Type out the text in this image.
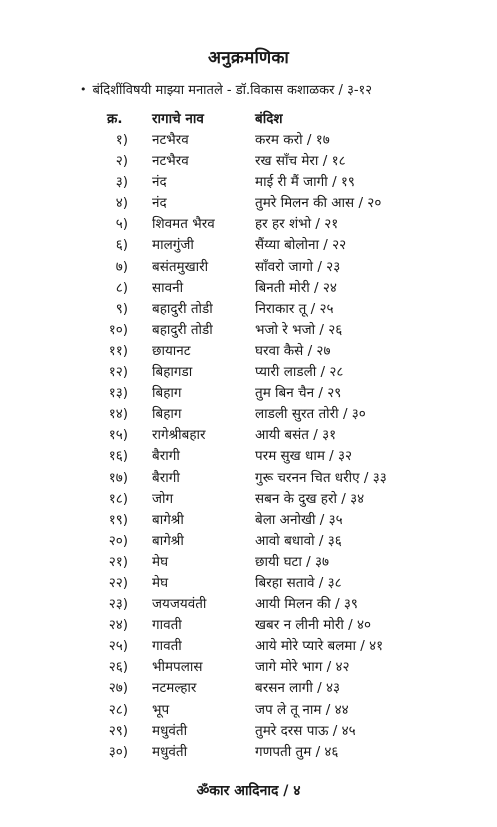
अनुक्रमणिका
• बंदिशींविषयी माझ्या मनातले - डॉ.विकास कशाळकर / ३-१२
क्र. रागाचे नाव	बंदिश
१) नटभैरव	करम करो / १७
२) नटभैरव	रख सॉंच मेरा / १८
३) नंद	माई री मैं जागी / १९
४) नंद	तुमरे मिलन की आस / २०
५) शिवमत भैरव	हर हर शंभो / २१
६) मालगुंजी	सैंय्या बोलोना / २२
७) बसंतमुखारी	सॉंवरो जागो / २३
८) सावनी	बिनती मोरी / २४
९) बहादुरी तोडी	निराकार तू / २५
१०) बहादुरी तोडी	भजो रे भजो / २६
११) छायानट	घरवा कैसे / २७
१२) बिहागडा	प्यारी लाडली / २८
१३) बिहाग	तुम बिन चैन / २९
१४) बिहाग	लाडली सुरत तोरी / ३०
१५) रागेश्रीबहार	आयी बसंत / ३१
१६) बैरागी	परम सुख धाम / ३२
१७) बैरागी	गुरू चरनन चित धरीए / ३३
१८) जोग	सबन के दुख हरो / ३४
१९) बागेश्री	बेला अनोखी / ३५
२०) बागेश्री	आवो बधावो / ३६
२१) मेघ	छायी घटा / ३७
२२) मेघ	बिरहा सतावे / ३८
२३) जयजयवंती	आयी मिलन की / ३९
२४) गावती	खबर न लीनी मोरी / ४०
२५) गावती	आये मोरे प्यारे बलमा / ४१
२६) भीमपलास	जागे मोरे भाग / ४२
२७) नटमल्हार	बरसन लागी / ४३
२८) भूप	जप ले तू नाम / ४४
२९) मधुवंती	तुमरे दरस पाऊ / ४५
३०) मधुवंती	गणपती तुम / ४६
ॐकार आदिनाद / ४
